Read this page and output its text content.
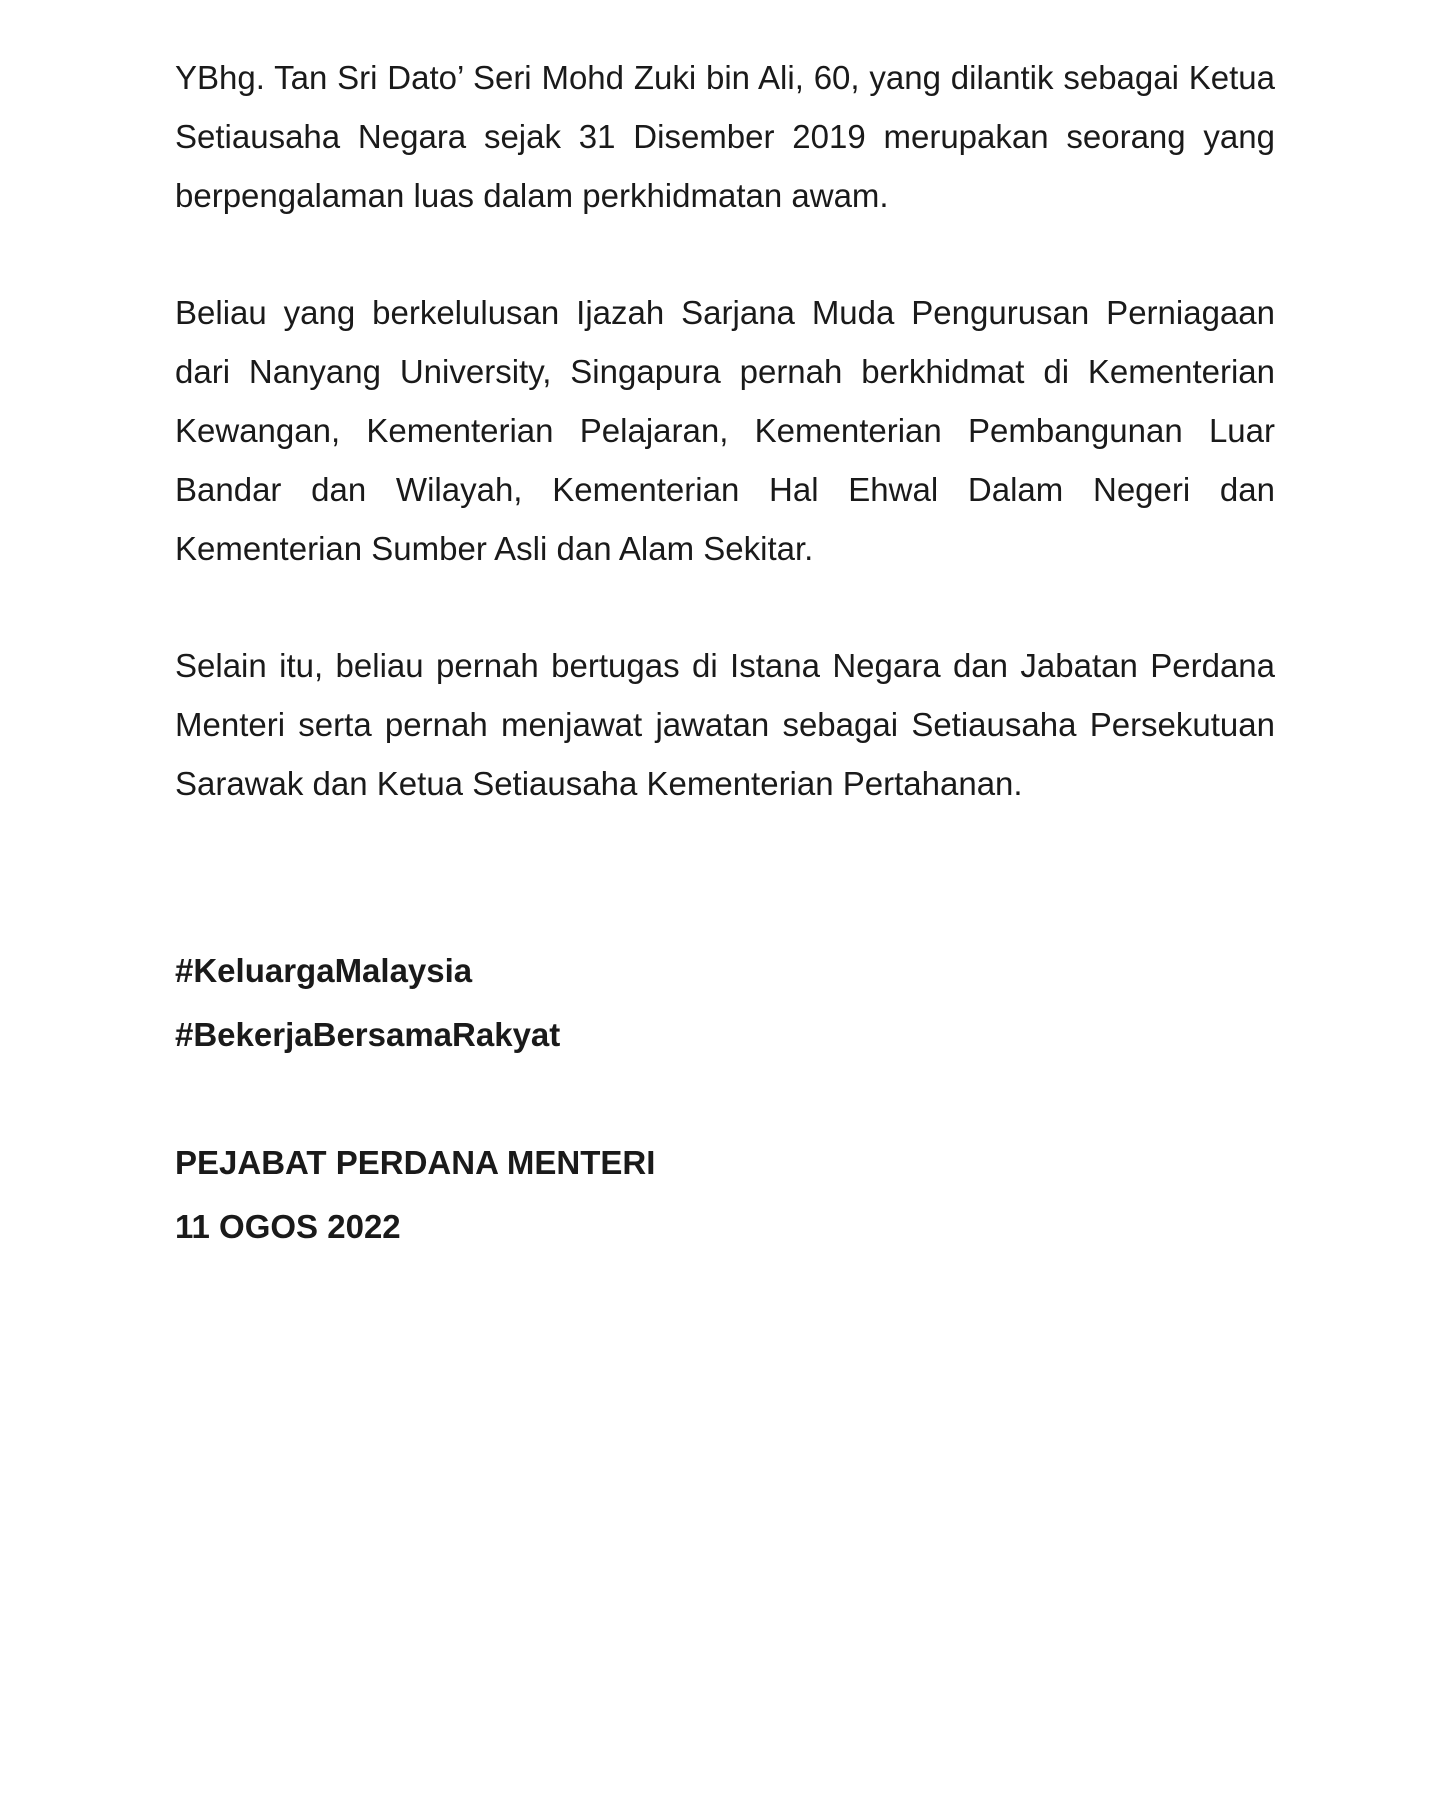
YBhg. Tan Sri Dato’ Seri Mohd Zuki bin Ali, 60, yang dilantik sebagai Ketua Setiausaha Negara sejak 31 Disember 2019 merupakan seorang yang berpengalaman luas dalam perkhidmatan awam.

Beliau yang berkelulusan Ijazah Sarjana Muda Pengurusan Perniagaan dari Nanyang University, Singapura pernah berkhidmat di Kementerian Kewangan, Kementerian Pelajaran, Kementerian Pembangunan Luar Bandar dan Wilayah, Kementerian Hal Ehwal Dalam Negeri dan Kementerian Sumber Asli dan Alam Sekitar.

Selain itu, beliau pernah bertugas di Istana Negara dan Jabatan Perdana Menteri serta pernah menjawat jawatan sebagai Setiausaha Persekutuan Sarawak dan Ketua Setiausaha Kementerian Pertahanan.

#KeluargaMalaysia

#BekerjaBersamaRakyat

PEJABAT PERDANA MENTERI

11 OGOS 2022
